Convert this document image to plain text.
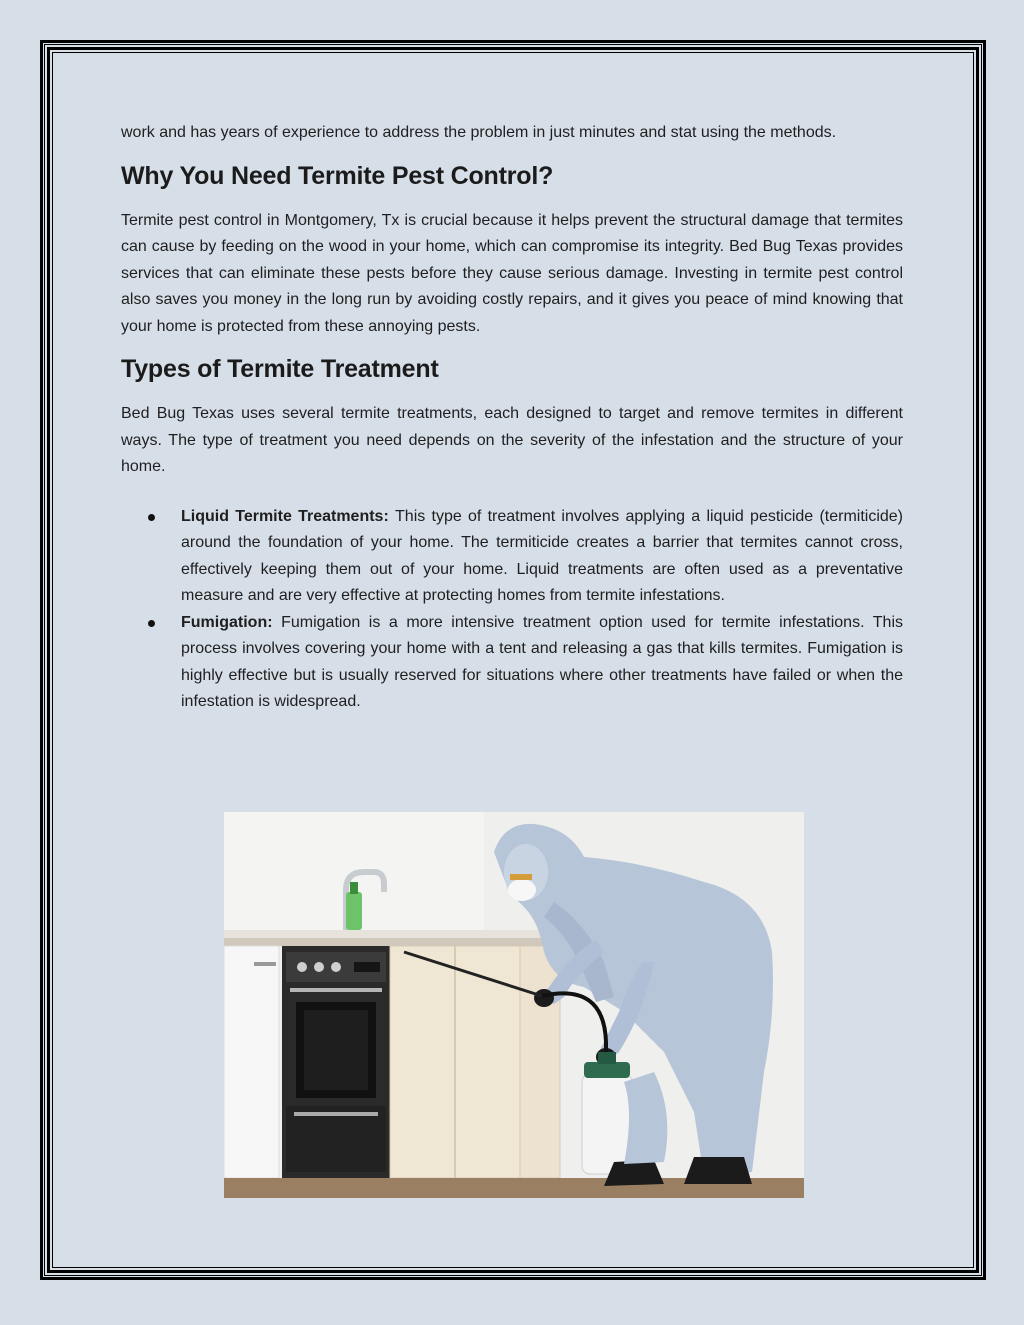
work and has years of experience to address the problem in just minutes and stat using the methods.

Why You Need Termite Pest Control?

Termite pest control in Montgomery, Tx is crucial because it helps prevent the structural damage that termites can cause by feeding on the wood in your home, which can compromise its integrity. Bed Bug Texas provides services that can eliminate these pests before they cause serious damage. Investing in termite pest control also saves you money in the long run by avoiding costly repairs, and it gives you peace of mind knowing that your home is protected from these annoying pests.

Types of Termite Treatment

Bed Bug Texas uses several termite treatments, each designed to target and remove termites in different ways. The type of treatment you need depends on the severity of the infestation and the structure of your home.

Liquid Termite Treatments: This type of treatment involves applying a liquid pesticide (termiticide) around the foundation of your home. The termiticide creates a barrier that termites cannot cross, effectively keeping them out of your home. Liquid treatments are often used as a preventative measure and are very effective at protecting homes from termite infestations.
Fumigation: Fumigation is a more intensive treatment option used for termite infestations. This process involves covering your home with a tent and releasing a gas that kills termites. Fumigation is highly effective but is usually reserved for situations where other treatments have failed or when the infestation is widespread.
